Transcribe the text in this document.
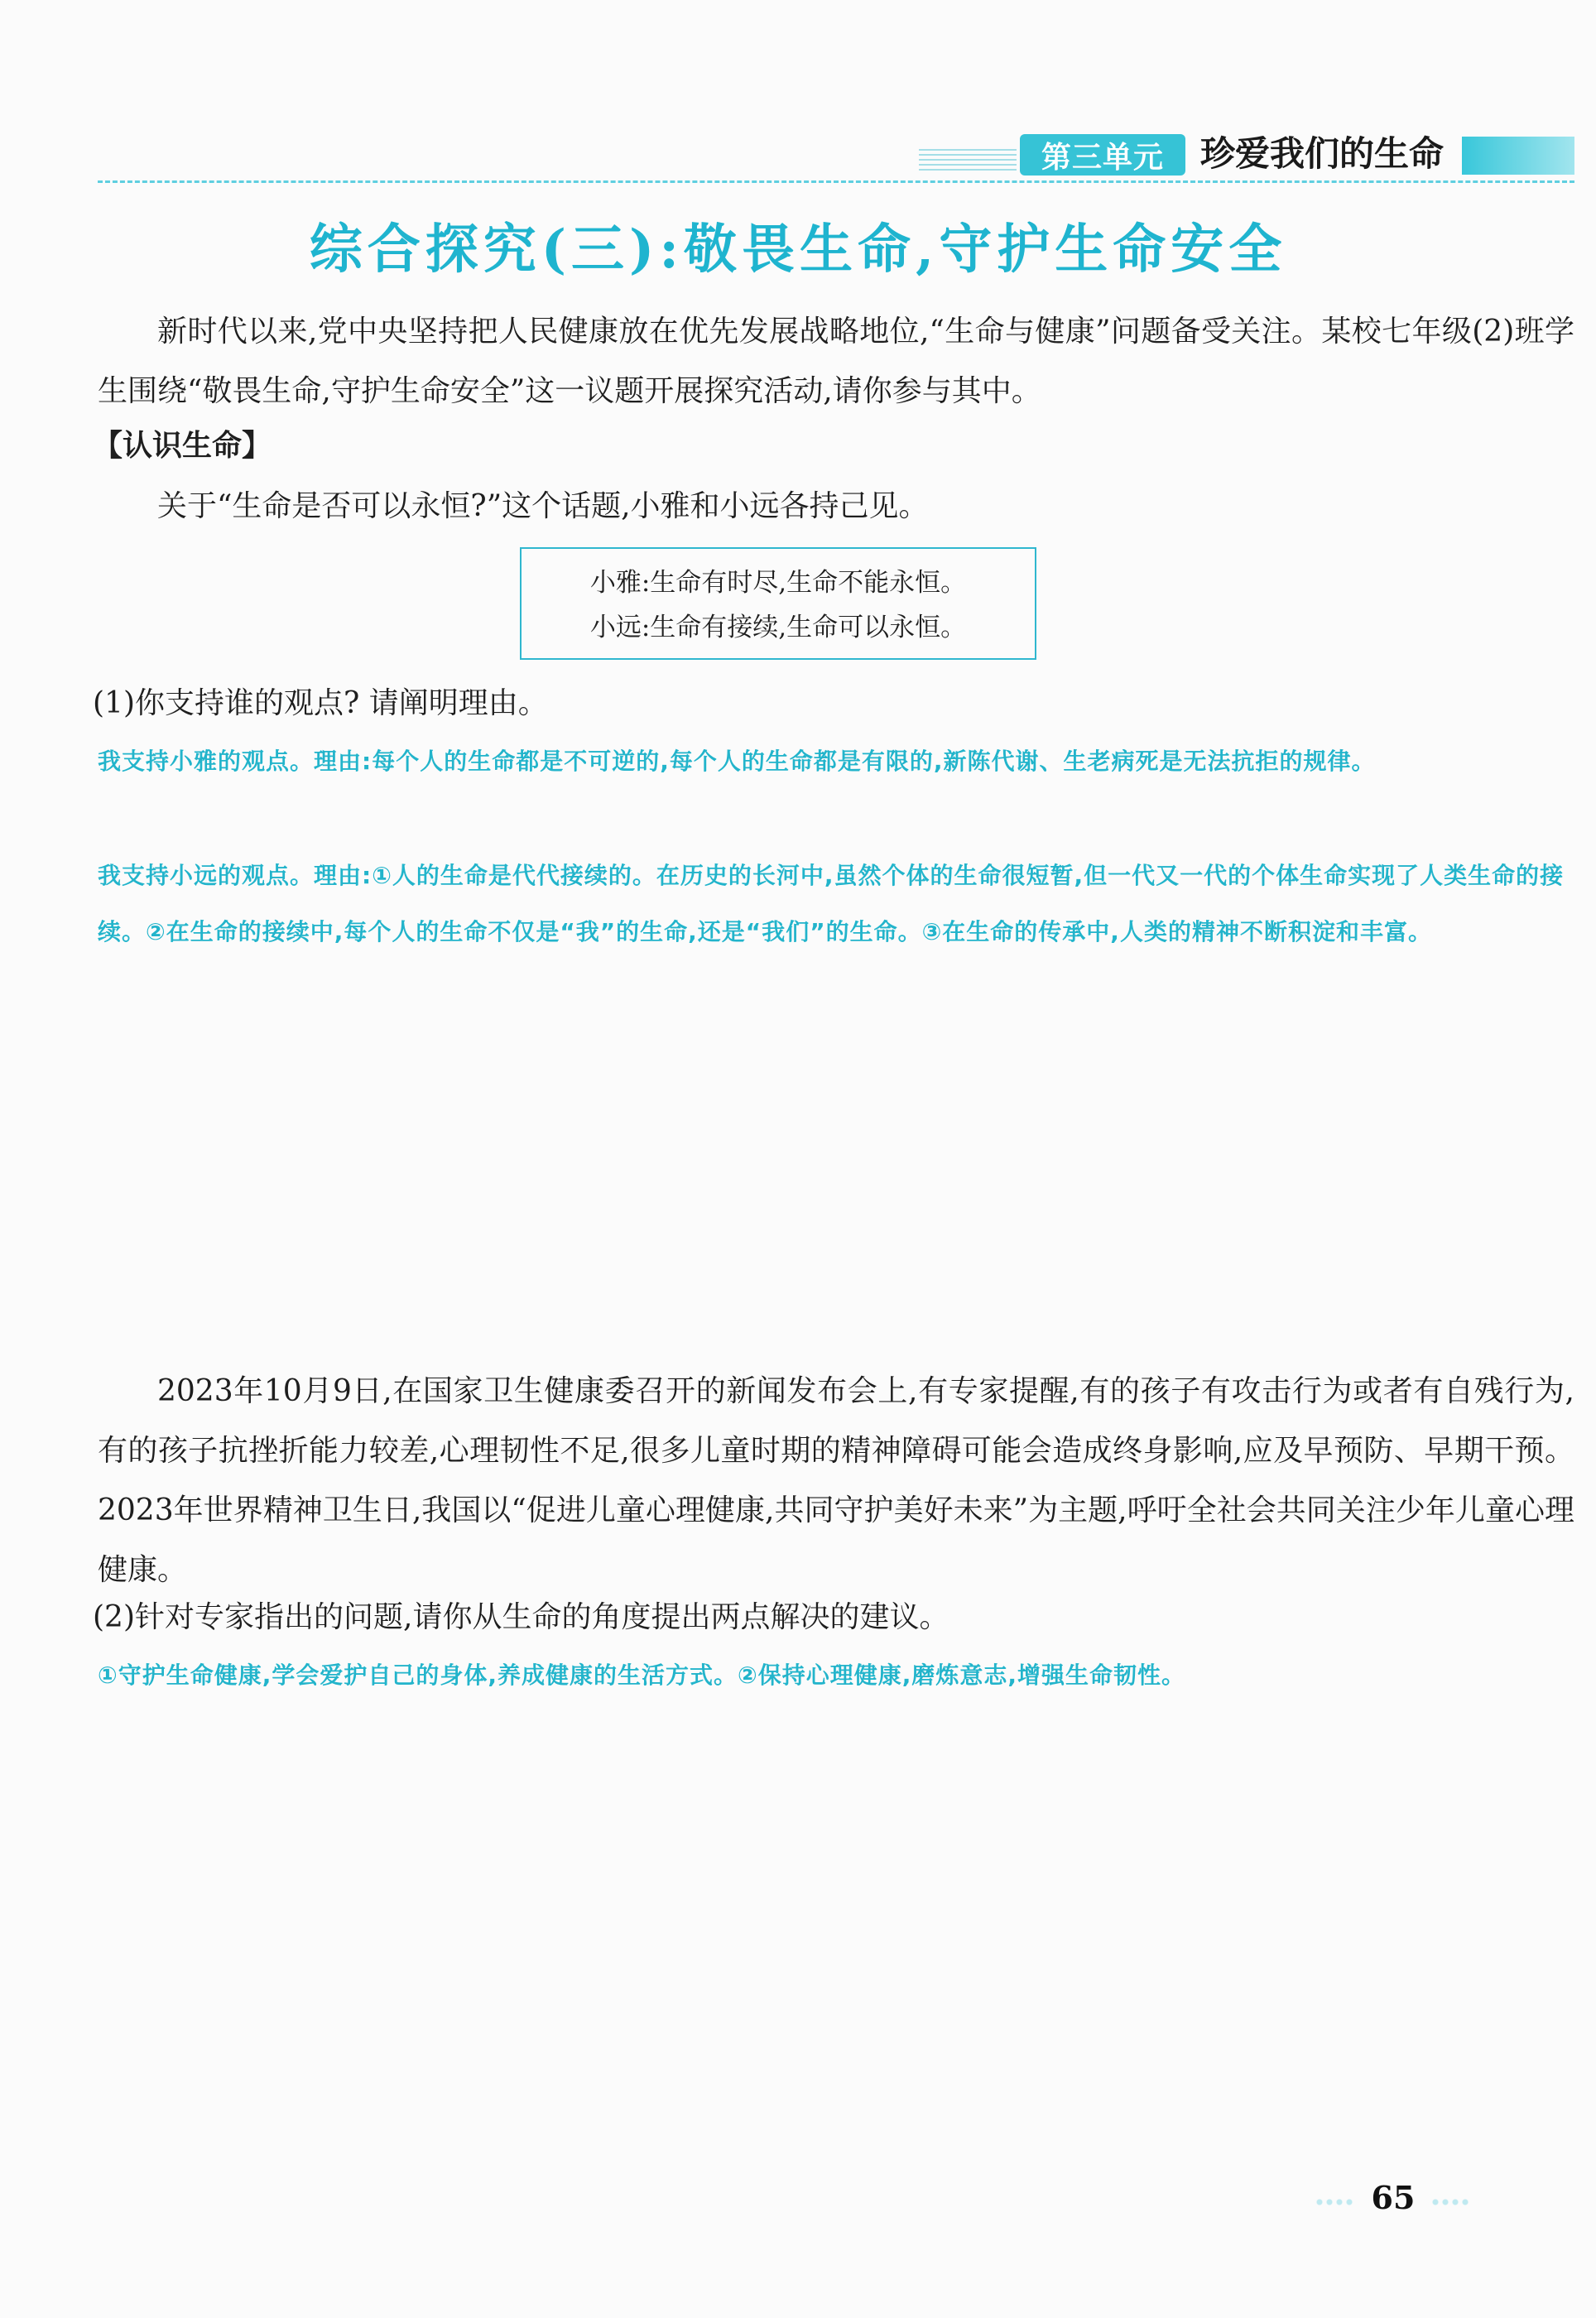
第三单元	珍爱我们的生命
综合探究(三):敬畏生命,守护生命安全
新时代以来,党中央坚持把人民健康放在优先发展战略地位,“生命与健康”问题备受关注。某校七年级(2)班学生围绕“敬畏生命,守护生命安全”这一议题开展探究活动,请你参与其中。
【认识生命】
关于“生命是否可以永恒?”这个话题,小雅和小远各持己见。
小雅:生命有时尽,生命不能永恒。
小远:生命有接续,生命可以永恒。
(1)你支持谁的观点? 请阐明理由。
我支持小雅的观点。理由:每个人的生命都是不可逆的,每个人的生命都是有限的,新陈代谢、生老病死是无法抗拒的规律。
我支持小远的观点。理由:①人的生命是代代接续的。在历史的长河中,虽然个体的生命很短暂,但一代又一代的个体生命实现了人类生命的接续。②在生命的接续中,每个人的生命不仅是“我”的生命,还是“我们”的生命。③在生命的传承中,人类的精神不断积淀和丰富。
2023年10月9日,在国家卫生健康委召开的新闻发布会上,有专家提醒,有的孩子有攻击行为或者有自残行为,有的孩子抗挫折能力较差,心理韧性不足,很多儿童时期的精神障碍可能会造成终身影响,应及早预防、早期干预。2023年世界精神卫生日,我国以“促进儿童心理健康,共同守护美好未来”为主题,呼吁全社会共同关注少年儿童心理健康。
(2)针对专家指出的问题,请你从生命的角度提出两点解决的建议。
①守护生命健康,学会爱护自己的身体,养成健康的生活方式。②保持心理健康,磨炼意志,增强生命韧性。
65
